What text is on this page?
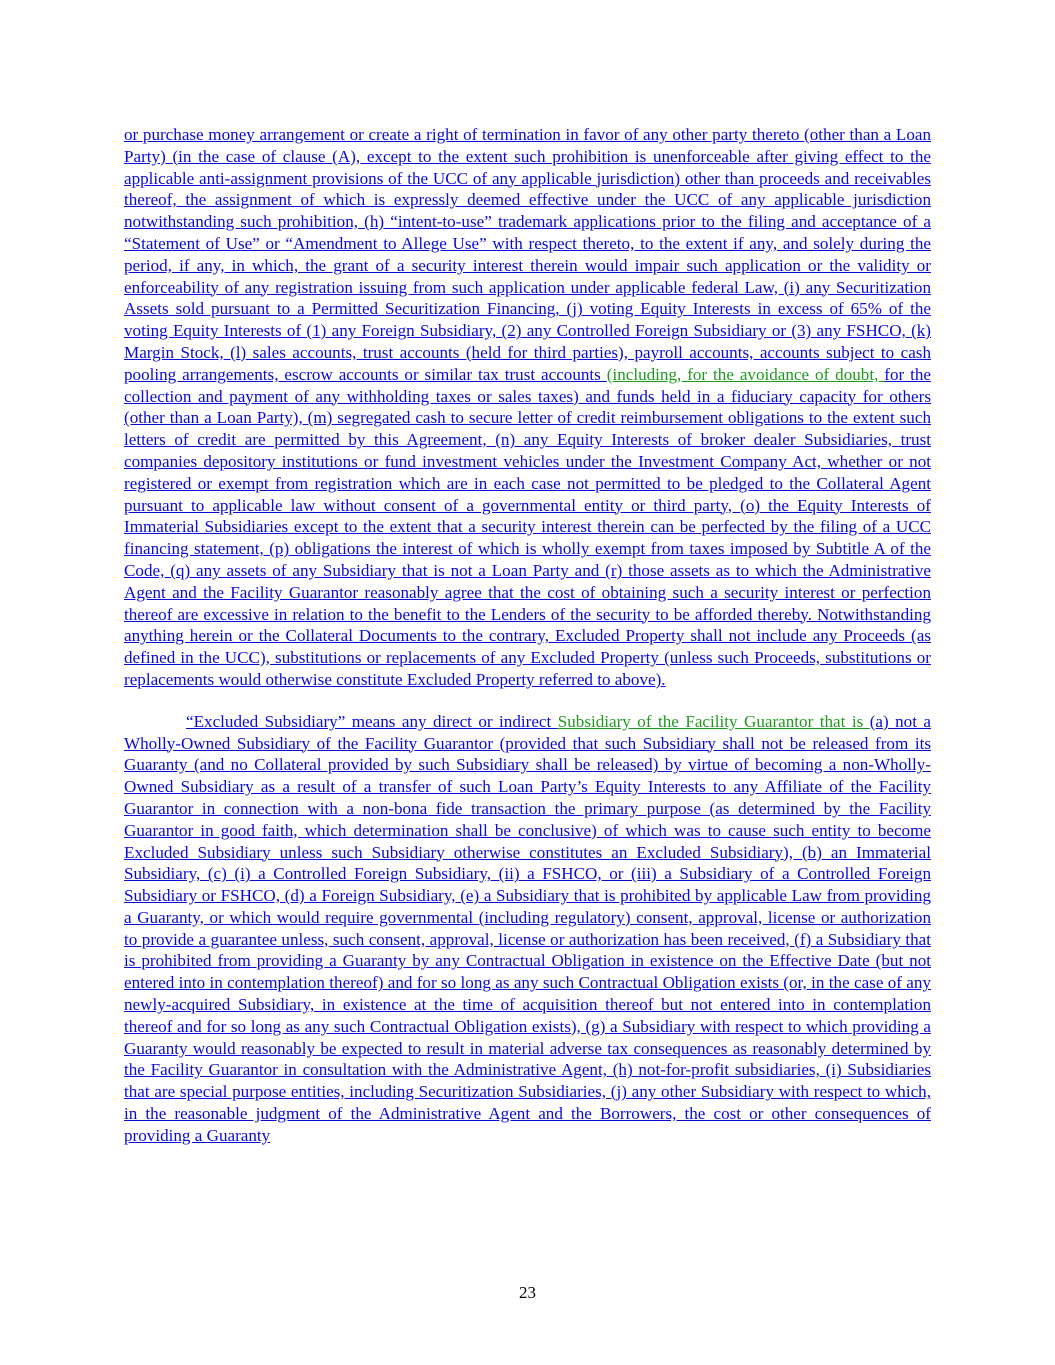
or purchase money arrangement or create a right of termination in favor of any other party thereto (other than a Loan Party) (in the case of clause (A), except to the extent such prohibition is unenforceable after giving effect to the applicable anti-assignment provisions of the UCC of any applicable jurisdiction) other than proceeds and receivables thereof, the assignment of which is expressly deemed effective under the UCC of any applicable jurisdiction notwithstanding such prohibition, (h) “intent-to-use” trademark applications prior to the filing and acceptance of a “Statement of Use” or “Amendment to Allege Use” with respect thereto, to the extent if any, and solely during the period, if any, in which, the grant of a security interest therein would impair such application or the validity or enforceability of any registration issuing from such application under applicable federal Law, (i) any Securitization Assets sold pursuant to a Permitted Securitization Financing, (j) voting Equity Interests in excess of 65% of the voting Equity Interests of (1) any Foreign Subsidiary, (2) any Controlled Foreign Subsidiary or (3) any FSHCO, (k) Margin Stock, (l) sales accounts, trust accounts (held for third parties), payroll accounts, accounts subject to cash pooling arrangements, escrow accounts or similar tax trust accounts (including, for the avoidance of doubt, for the collection and payment of any withholding taxes or sales taxes) and funds held in a fiduciary capacity for others (other than a Loan Party), (m) segregated cash to secure letter of credit reimbursement obligations to the extent such letters of credit are permitted by this Agreement, (n) any Equity Interests of broker dealer Subsidiaries, trust companies depository institutions or fund investment vehicles under the Investment Company Act, whether or not registered or exempt from registration which are in each case not permitted to be pledged to the Collateral Agent pursuant to applicable law without consent of a governmental entity or third party, (o) the Equity Interests of Immaterial Subsidiaries except to the extent that a security interest therein can be perfected by the filing of a UCC financing statement, (p) obligations the interest of which is wholly exempt from taxes imposed by Subtitle A of the Code, (q) any assets of any Subsidiary that is not a Loan Party and (r) those assets as to which the Administrative Agent and the Facility Guarantor reasonably agree that the cost of obtaining such a security interest or perfection thereof are excessive in relation to the benefit to the Lenders of the security to be afforded thereby. Notwithstanding anything herein or the Collateral Documents to the contrary, Excluded Property shall not include any Proceeds (as defined in the UCC), substitutions or replacements of any Excluded Property (unless such Proceeds, substitutions or replacements would otherwise constitute Excluded Property referred to above).

“Excluded Subsidiary” means any direct or indirect Subsidiary of the Facility Guarantor that is (a) not a Wholly-Owned Subsidiary of the Facility Guarantor (provided that such Subsidiary shall not be released from its Guaranty (and no Collateral provided by such Subsidiary shall be released) by virtue of becoming a non-Wholly-Owned Subsidiary as a result of a transfer of such Loan Party’s Equity Interests to any Affiliate of the Facility Guarantor in connection with a non-bona fide transaction the primary purpose (as determined by the Facility Guarantor in good faith, which determination shall be conclusive) of which was to cause such entity to become Excluded Subsidiary unless such Subsidiary otherwise constitutes an Excluded Subsidiary), (b) an Immaterial Subsidiary, (c) (i) a Controlled Foreign Subsidiary, (ii) a FSHCO, or (iii) a Subsidiary of a Controlled Foreign Subsidiary or FSHCO, (d) a Foreign Subsidiary, (e) a Subsidiary that is prohibited by applicable Law from providing a Guaranty, or which would require governmental (including regulatory) consent, approval, license or authorization to provide a guarantee unless, such consent, approval, license or authorization has been received, (f) a Subsidiary that is prohibited from providing a Guaranty by any Contractual Obligation in existence on the Effective Date (but not entered into in contemplation thereof) and for so long as any such Contractual Obligation exists (or, in the case of any newly-acquired Subsidiary, in existence at the time of acquisition thereof but not entered into in contemplation thereof and for so long as any such Contractual Obligation exists), (g) a Subsidiary with respect to which providing a Guaranty would reasonably be expected to result in material adverse tax consequences as reasonably determined by the Facility Guarantor in consultation with the Administrative Agent, (h) not-for-profit subsidiaries, (i) Subsidiaries that are special purpose entities, including Securitization Subsidiaries, (j) any other Subsidiary with respect to which, in the reasonable judgment of the Administrative Agent and the Borrowers, the cost or other consequences of providing a Guaranty

23
